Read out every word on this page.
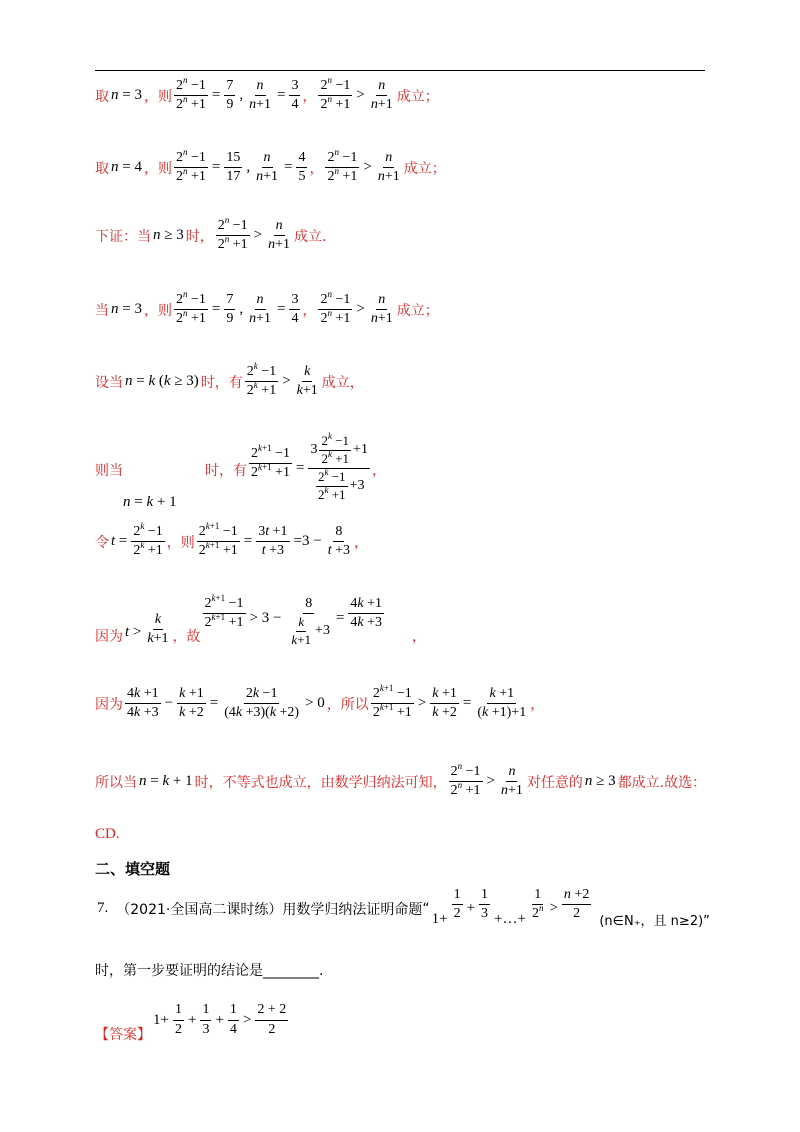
取 n = 3 ，则 $\frac{2^n -1}{2^n +1} = \frac{7}{9}$ , $\frac{n}{n+1} = \frac{3}{4}$ ， $\frac{2^n -1}{2^n +1} > \frac{n}{n+1}$ 成立；
取 n = 4 ，则 $\frac{2^n -1}{2^n +1} = \frac{15}{17}$ , $\frac{n}{n+1} = \frac{4}{5}$ ， $\frac{2^n -1}{2^n +1} > \frac{n}{n+1}$ 成立；
下证：当 n ≥ 3 时， $\frac{2^n -1}{2^n +1} > \frac{n}{n+1}$ 成立.
当 n = 3 ，则 $\frac{2^n -1}{2^n +1} = \frac{7}{9}$ , $\frac{n}{n+1} = \frac{3}{4}$ ， $\frac{2^n -1}{2^n +1} > \frac{n}{n+1}$ 成立；
设当 n = k (k ≥ 3) 时，有 $\frac{2^k -1}{2^k +1} > \frac{k}{k+1}$ 成立，
则当
n = k + 1
时，有 $\frac{2^{k+1} -1}{2^{k+1} +1} = \frac{3 \frac{2^k -1}{2^k +1} +1}{\frac{2^k -1}{2^k +1} +3}$ ，
令 $t = \frac{2^k -1}{2^k +1}$ ，则 $\frac{2^{k+1} -1}{2^{k+1} +1} = \frac{3t +1}{t +3} =3 - \frac{8}{t +3}$ ，
因为 $t > \frac{k}{k+1}$ ，故
$\frac{2^{k+1} -1}{2^{k+1} +1} > 3 - \frac{8}{\frac{k}{k+1} +3} = \frac{4k +1}{4k +3}$
，
因为 $\frac{4k +1}{4k +3} - \frac{k +1}{k +2} = \frac{2k -1}{(4k +3)(k +2)} > 0$ ，所以 $\frac{2^{k+1} -1}{2^{k+1} +1} > \frac{k +1}{k +2} = \frac{k +1}{(k +1)+1}$ ，
所以当 n = k + 1 时，不等式也成立，由数学归纳法可知， $\frac{2^n -1}{2^n +1} > \frac{n}{n+1}$ 对任意的 n ≥ 3 都成立.故选：
CD.
二、填空题
7. （2021·全国高二课时练）用数学归纳法证明命题 “
$1+ \frac{1}{2} + \frac{1}{3}$ +…+ $\frac{1}{2^n} > \frac{n +2}{2}$ (n∈N₊，且 n≥2)”
时，第一步要证明的结论是________.
【答案】
$1+ \frac{1}{2} + \frac{1}{3} + \frac{1}{4} > \frac{2 + 2}{2}$
